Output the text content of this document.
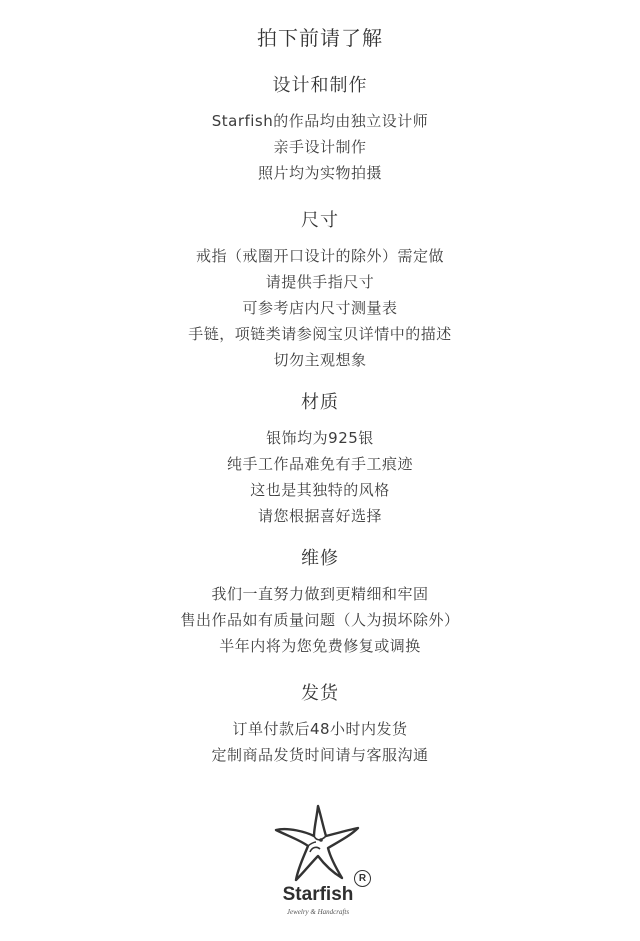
拍下前请了解
设计和制作
Starfish的作品均由独立设计师
亲手设计制作
照片均为实物拍摄
尺寸
戒指（戒圈开口设计的除外）需定做
请提供手指尺寸
可参考店内尺寸测量表
手链，项链类请参阅宝贝详情中的描述
切勿主观想象
材质
银饰均为925银
纯手工作品难免有手工痕迹
这也是其独特的风格
请您根据喜好选择
维修
我们一直努力做到更精细和牢固
售出作品如有质量问题（人为损坏除外）
半年内将为您免费修复或调换
发货
订单付款后48小时内发货
定制商品发货时间请与客服沟通
R
Starfish
Jewelry & Handcrafts
